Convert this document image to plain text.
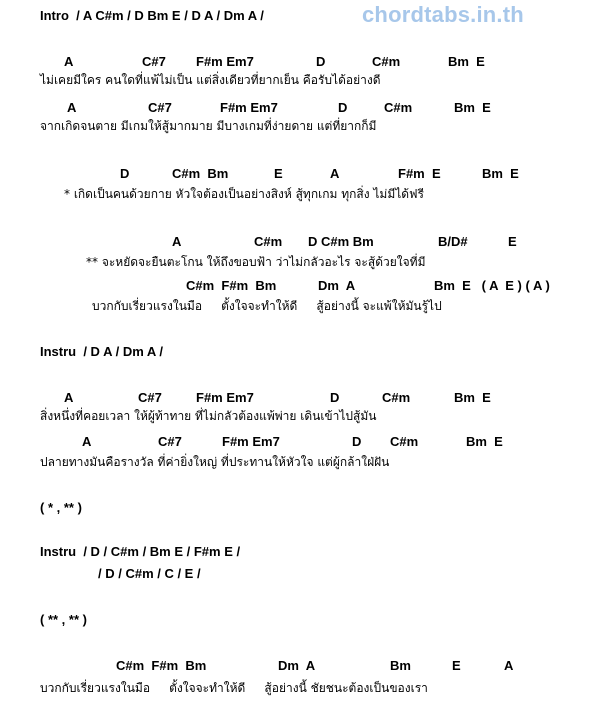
chordtabs.in.th
Intro  / A C#m / D Bm E / D A / Dm A /
A	C#7 F#m Em7	D	C#m	Bm  E
ไม่เคยมีใคร คนใดที่แพ้ไม่เป็น แต่สิ่งเดียวที่ยากเย็น คือรับได้อย่างดี
A	C#7	F#m Em7	D	C#m	Bm  E
จากเกิดจนตาย มีเกมให้สู้มากมาย มีบางเกมที่ง่ายดาย แต่ที่ยากก็มี
D	C#m  Bm	E	A	F#m  E	Bm  E
* เกิดเป็นคนด้วยกาย หัวใจต้องเป็นอย่างสิงห์ สู้ทุกเกม ทุกสิ่ง ไม่มีได้ฟรี
A	C#m D C#m Bm	B/D#	E
** จะหยัดจะยืนตะโกน ให้ถึงขอบฟ้า ว่าไม่กลัวอะไร จะสู้ด้วยใจที่มี
C#m  F#m  Bm	Dm  A	Bm  E   ( A  E ) ( A )
บวกกับเรี่ยวแรงในมือ     ตั้งใจจะทำให้ดี     สู้อย่างนี้ จะแพ้ให้มันรู้ไป
Instru  / D A / Dm A /
A	C#7	F#m Em7	D	C#m	Bm  E
สิ่งหนึ่งที่คอยเวลา ให้ผู้ท้าทาย ที่ไม่กลัวต้องแพ้พ่าย เดินเข้าไปสู้มัน
A	C#7	F#m Em7	D C#m	Bm  E
ปลายทางมันคือรางวัล ที่ค่ายิ่งใหญ่ ที่ประทานให้หัวใจ แต่ผู้กล้าใฝ่ฝัน
( * , ** )
Instru  / D / C#m / Bm E / F#m E /
/ D / C#m / C / E /
( ** , ** )
C#m  F#m  Bm	Dm  A	Bm	E	A
บวกกับเรี่ยวแรงในมือ     ตั้งใจจะทำให้ดี     สู้อย่างนี้ ชัยชนะต้องเป็นของเรา
